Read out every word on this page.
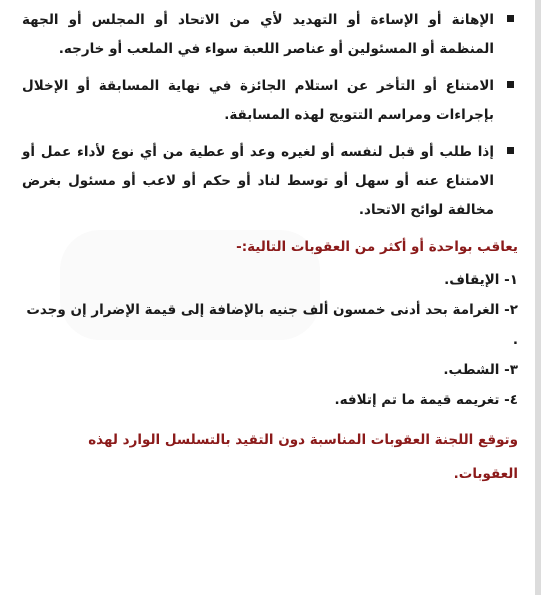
الإهانة أو الإساءة أو التهديد لأي من الاتحاد أو المجلس أو الجهة المنظمة أو المسئولين أو عناصر اللعبة سواء في الملعب أو خارجه.
الامتناع أو التأخر عن استلام الجائزة في نهاية المسابقة أو الإخلال بإجراءات ومراسم التتويج لهذه المسابقة.
إذا طلب أو قبل لنفسه أو لغيره وعد أو عطية من أي نوع لأداء عمل أو الامتناع عنه أو سهل أو توسط لناد أو حكم أو لاعب أو مسئول بغرض مخالفة لوائح الاتحاد.
يعاقب بواحدة أو أكثر من العقوبات التالية:-
١- الإيقاف.
٢- الغرامة بحد أدنى خمسون ألف جنيه بالإضافة إلى قيمة الإضرار إن وجدت .
٣- الشطب.
٤- تغريمه قيمة ما تم إتلافه.
وتوقع اللجنة العقوبات المناسبة دون التقيد بالتسلسل الوارد لهذه العقوبات.
